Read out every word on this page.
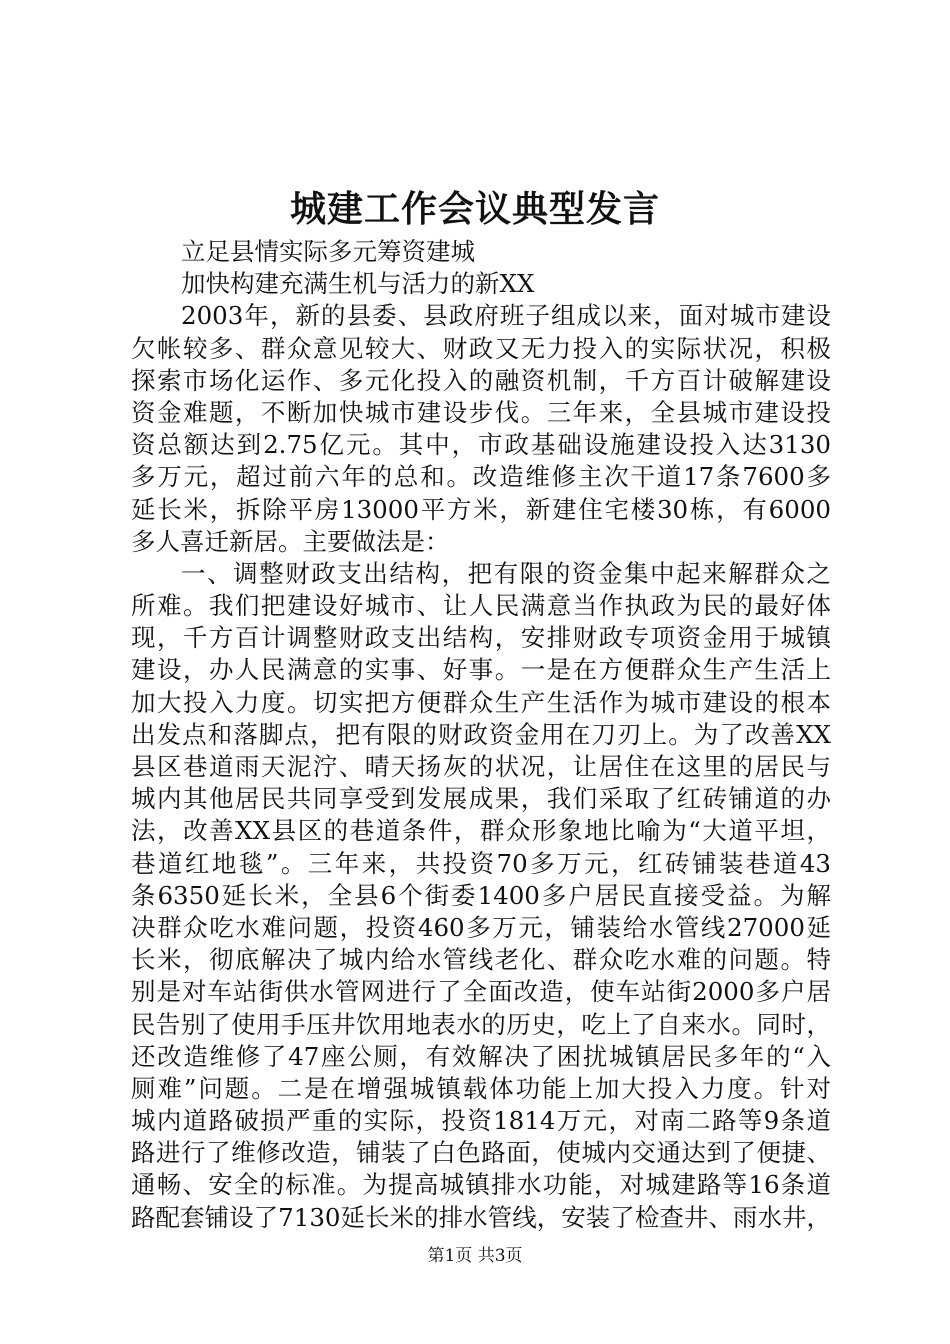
城建工作会议典型发言
立足县情实际多元筹资建城
加快构建充满生机与活力的新XX
2003年，新的县委、县政府班子组成以来，面对城市建设
欠帐较多、群众意见较大、财政又无力投入的实际状况，积极
探索市场化运作、多元化投入的融资机制，千方百计破解建设
资金难题，不断加快城市建设步伐。三年来，全县城市建设投
资总额达到2.75亿元。其中，市政基础设施建设投入达3130
多万元，超过前六年的总和。改造维修主次干道17条7600多
延长米，拆除平房13000平方米，新建住宅楼30栋，有6000
多人喜迁新居。主要做法是：
一、调整财政支出结构，把有限的资金集中起来解群众之
所难。我们把建设好城市、让人民满意当作执政为民的最好体
现，千方百计调整财政支出结构，安排财政专项资金用于城镇
建设，办人民满意的实事、好事。一是在方便群众生产生活上
加大投入力度。切实把方便群众生产生活作为城市建设的根本
出发点和落脚点，把有限的财政资金用在刀刃上。为了改善XX
县区巷道雨天泥泞、晴天扬灰的状况，让居住在这里的居民与
城内其他居民共同享受到发展成果，我们采取了红砖铺道的办
法，改善XX县区的巷道条件，群众形象地比喻为“大道平坦，
巷道红地毯”。三年来，共投资70多万元，红砖铺装巷道43
条6350延长米，全县6个街委1400多户居民直接受益。为解
决群众吃水难问题，投资460多万元，铺装给水管线27000延
长米，彻底解决了城内给水管线老化、群众吃水难的问题。特
别是对车站街供水管网进行了全面改造，使车站街2000多户居
民告别了使用手压井饮用地表水的历史，吃上了自来水。同时，
还改造维修了47座公厕，有效解决了困扰城镇居民多年的“入
厕难”问题。二是在增强城镇载体功能上加大投入力度。针对
城内道路破损严重的实际，投资1814万元，对南二路等9条道
路进行了维修改造，铺装了白色路面，使城内交通达到了便捷、
通畅、安全的标准。为提高城镇排水功能，对城建路等16条道
路配套铺设了7130延长米的排水管线，安装了检查井、雨水井，
第1页 共3页
